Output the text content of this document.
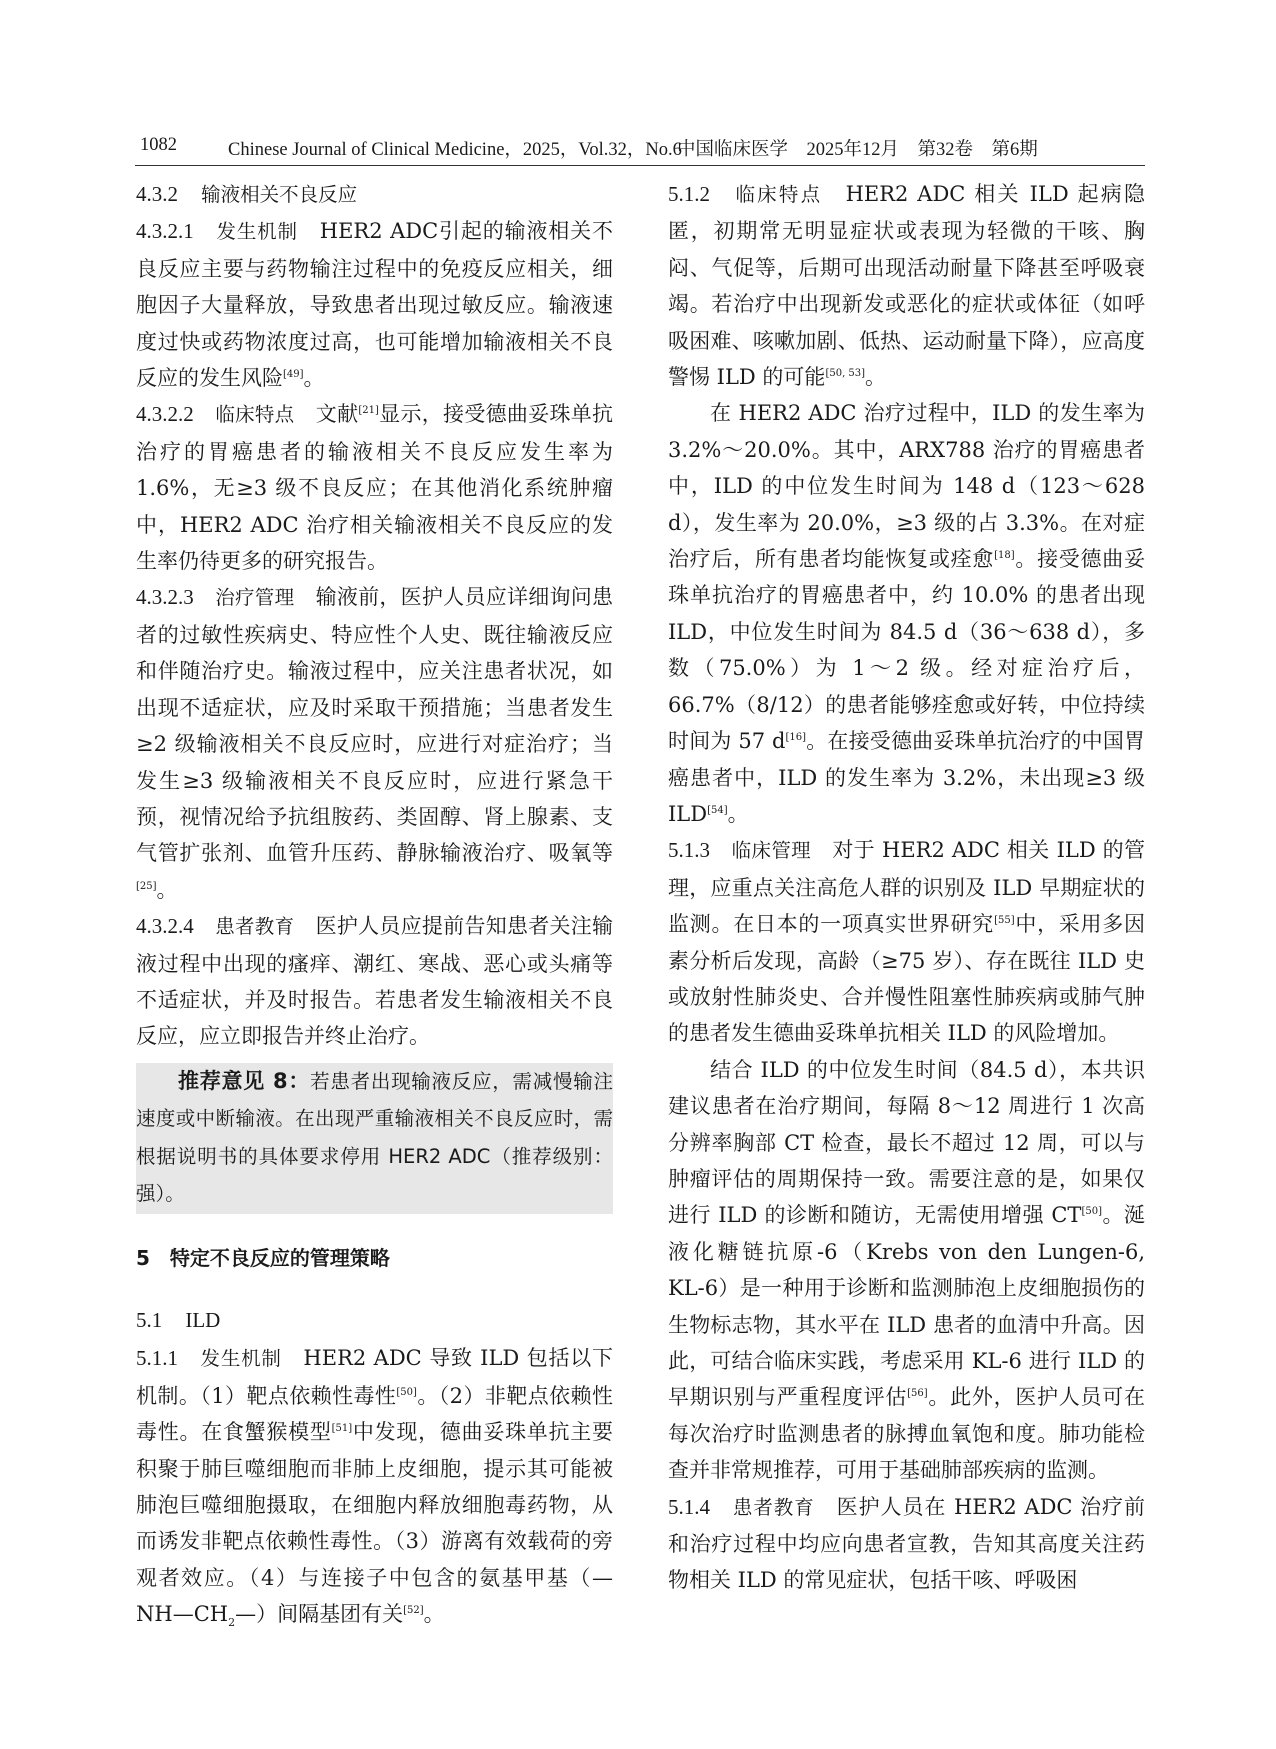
1082	Chinese Journal of Clinical Medicine，2025，Vol.32，No.6
中国临床医学　2025年12月　第32卷　第6期

4.3.2 输液相关不良反应

4.3.2.1　 发生机制　 HER2 ADC引起的输液相关不良反应主要与药物输注过程中的免疫反应相关，细胞因子大量释放，导致患者出现过敏反应。输液速度过快或药物浓度过高，也可能增加输液相关不良反应的发生风险[49]。

4.3.2.2　 临床特点　 文献[21]显示，接受德曲妥珠单抗治疗的胃癌患者的输液相关不良反应发生率为 1.6%，无≥3 级不良反应；在其他消化系统肿瘤中，HER2 ADC 治疗相关输液相关不良反应的发生率仍待更多的研究报告。

4.3.2.3　 治疗管理　 输液前，医护人员应详细询问患者的过敏性疾病史、特应性个人史、既往输液反应和伴随治疗史。输液过程中，应关注患者状况，如出现不适症状，应及时采取干预措施；当患者发生≥2 级输液相关不良反应时，应进行对症治疗；当发生≥3 级输液相关不良反应时，应进行紧急干预，视情况给予抗组胺药、类固醇、肾上腺素、支气管扩张剂、血管升压药、静脉输液治疗、吸氧等[25]。

4.3.2.4　 患者教育　 医护人员应提前告知患者关注输液过程中出现的瘙痒、潮红、寒战、恶心或头痛等不适症状，并及时报告。若患者发生输液相关不良反应，应立即报告并终止治疗。

推荐意见 8：若患者出现输液反应，需减慢输注速度或中断输液。在出现严重输液相关不良反应时，需根据说明书的具体要求停用 HER2 ADC（推荐级别：强）。

5　特定不良反应的管理策略
5.1 ILD

5.1.1　 发生机制　 HER2 ADC 导致 ILD 包括以下机制。（1）靶点依赖性毒性[50]。（2）非靶点依赖性毒性。在食蟹猴模型[51]中发现，德曲妥珠单抗主要积聚于肺巨噬细胞而非肺上皮细胞，提示其可能被肺泡巨噬细胞摄取，在细胞内释放细胞毒药物，从而诱发非靶点依赖性毒性。（3）游离有效载荷的旁观者效应。（4）与连接子中包含的氨基甲基$(—NH—CH_2—)$间隔基团有关[52]。

5.1.2　 临床特点　 HER2 ADC 相关 ILD 起病隐匿，初期常无明显症状或表现为轻微的干咳、胸闷、气促等，后期可出现活动耐量下降甚至呼吸衰竭。若治疗中出现新发或恶化的症状或体征（如呼吸困难、咳嗽加剧、低热、运动耐量下降），应高度警惕 ILD 的可能[50, 53]。

在 HER2 ADC 治疗过程中，ILD 的发生率为 3.2%～20.0%。其中，ARX788 治疗的胃癌患者中，ILD 的中位发生时间为 148 d（123～628 d），发生率为 20.0%，≥3 级的占 3.3%。在对症治疗后，所有患者均能恢复或痊愈[18]。接受德曲妥珠单抗治疗的胃癌患者中，约 10.0% 的患者出现 ILD，中位发生时间为 84.5 d（36～638 d），多数（75.0%）为 1～2 级。经对症治疗后，66.7%（8/12）的患者能够痊愈或好转，中位持续时间为 57 d[16]。在接受德曲妥珠单抗治疗的中国胃癌患者中，ILD 的发生率为 3.2%，未出现≥3 级 ILD[54]。

5.1.3　 临床管理　 对于 HER2 ADC 相关 ILD 的管理，应重点关注高危人群的识别及 ILD 早期症状的监测。在日本的一项真实世界研究[55]中，采用多因素分析后发现，高龄（≥75 岁）、存在既往 ILD 史或放射性肺炎史、合并慢性阻塞性肺疾病或肺气肿的患者发生德曲妥珠单抗相关 ILD 的风险增加。

结合 ILD 的中位发生时间（84.5 d），本共识建议患者在治疗期间，每隔 8～12 周进行 1 次高分辨率胸部 CT 检查，最长不超过 12 周，可以与肿瘤评估的周期保持一致。需要注意的是，如果仅进行 ILD 的诊断和随访，无需使用增强 CT[50]。涎液化糖链抗原-6（Krebs von den Lungen-6, KL-6）是一种用于诊断和监测肺泡上皮细胞损伤的生物标志物，其水平在 ILD 患者的血清中升高。因此，可结合临床实践，考虑采用 KL-6 进行 ILD 的早期识别与严重程度评估[56]。此外，医护人员可在每次治疗时监测患者的脉搏血氧饱和度。肺功能检查并非常规推荐，可用于基础肺部疾病的监测。

5.1.4　 患者教育　 医护人员在 HER2 ADC 治疗前和治疗过程中均应向患者宣教，告知其高度关注药物相关 ILD 的常见症状，包括干咳、呼吸困
